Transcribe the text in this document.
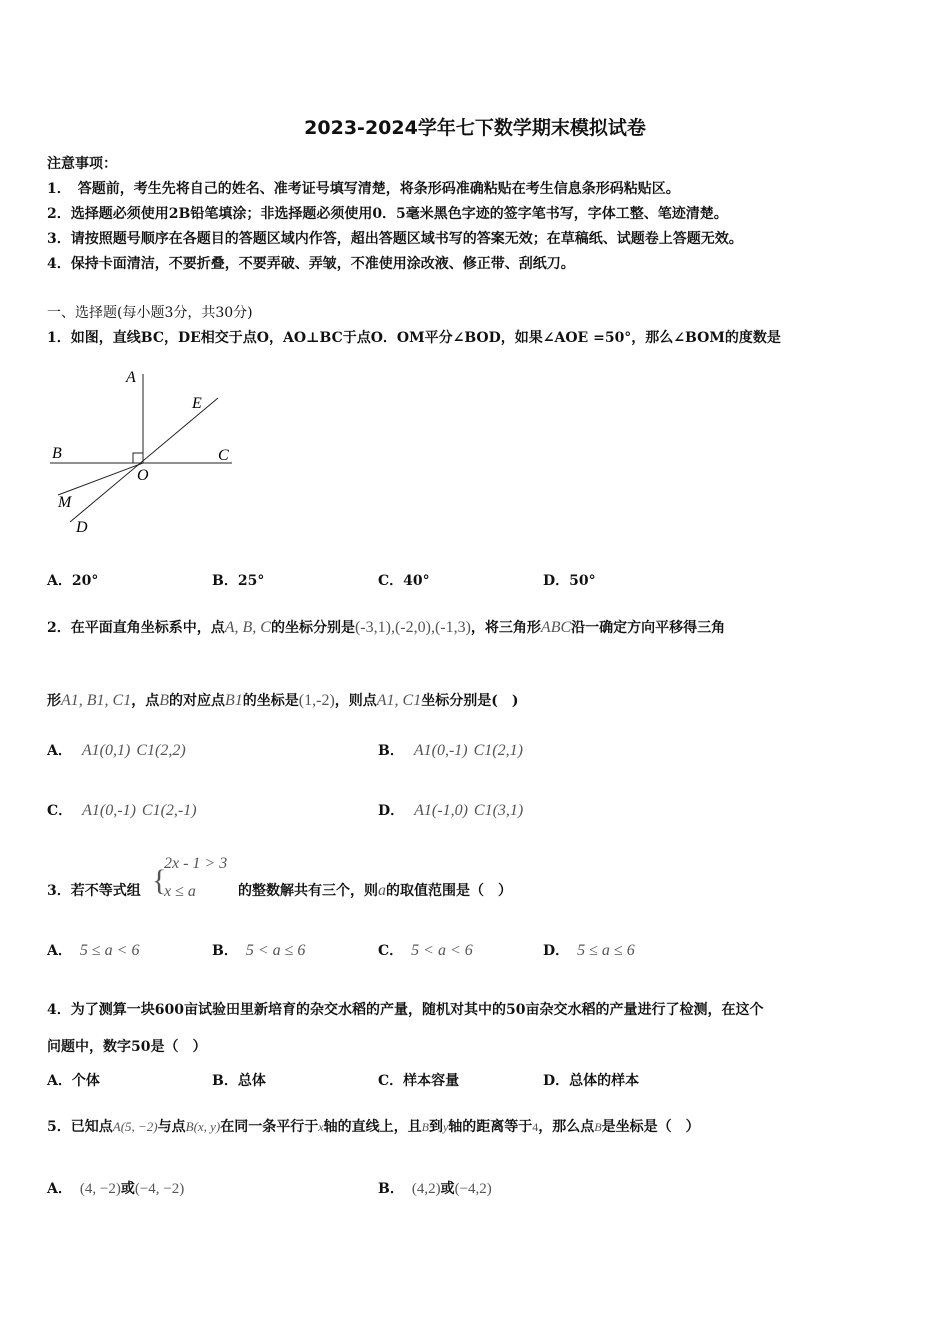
2023-2024学年七下数学期末模拟试卷
注意事项：
1．　答题前，考生先将自己的姓名、准考证号填写清楚，将条形码准确粘贴在考生信息条形码粘贴区。
2．选择题必须使用2B铅笔填涂；非选择题必须使用0．5毫米黑色字迹的签字笔书写，字体工整、笔迹清楚。
3．请按照题号顺序在各题目的答题区域内作答，超出答题区域书写的答案无效；在草稿纸、试题卷上答题无效。
4．保持卡面清洁，不要折叠，不要弄破、弄皱，不准使用涂改液、修正带、刮纸刀。
一、选择题(每小题3分，共30分)
1．如图，直线BC，DE相交于点O，AO⊥BC于点O．OM平分∠BOD，如果∠AOE =50°，那么∠BOM的度数是
A
E
B	C
O
M
D
A．20°	B．25°	C．40°	D．50°
2．在平面直角坐标系中，点A, B, C的坐标分别是(-3,1),(-2,0),(-1,3)，将三角形ABC沿一确定方向平移得三角
形A1, B1, C1，点B的对应点B1的坐标是(1,-2)，则点A1, C1坐标分别是(　)
A． A1(0,1) C1(2,2)	B． A1(0,-1) C1(2,1)
C． A1(0,-1) C1(2,-1)	D． A1(-1,0) C1(3,1)
3．若不等式组 {
2x - 1 > 3
x ≤ a	的整数解共有三个，则a的取值范围是（　）
A． 5 ≤ a < 6	B． 5 < a ≤ 6	C． 5 < a < 6	D． 5 ≤ a ≤ 6
4．为了测算一块600亩试验田里新培育的杂交水稻的产量，随机对其中的50亩杂交水稻的产量进行了检测，在这个
问题中，数字50是（　）
A．个体	B．总体	C．样本容量	D．总体的样本
5．已知点A(5, −2)与点B(x, y)在同一条平行于x轴的直线上，且B到y轴的距离等于4，那么点B是坐标是（　）
A． (4, −2)或(−4, −2)	B． (4,2)或(−4,2)
